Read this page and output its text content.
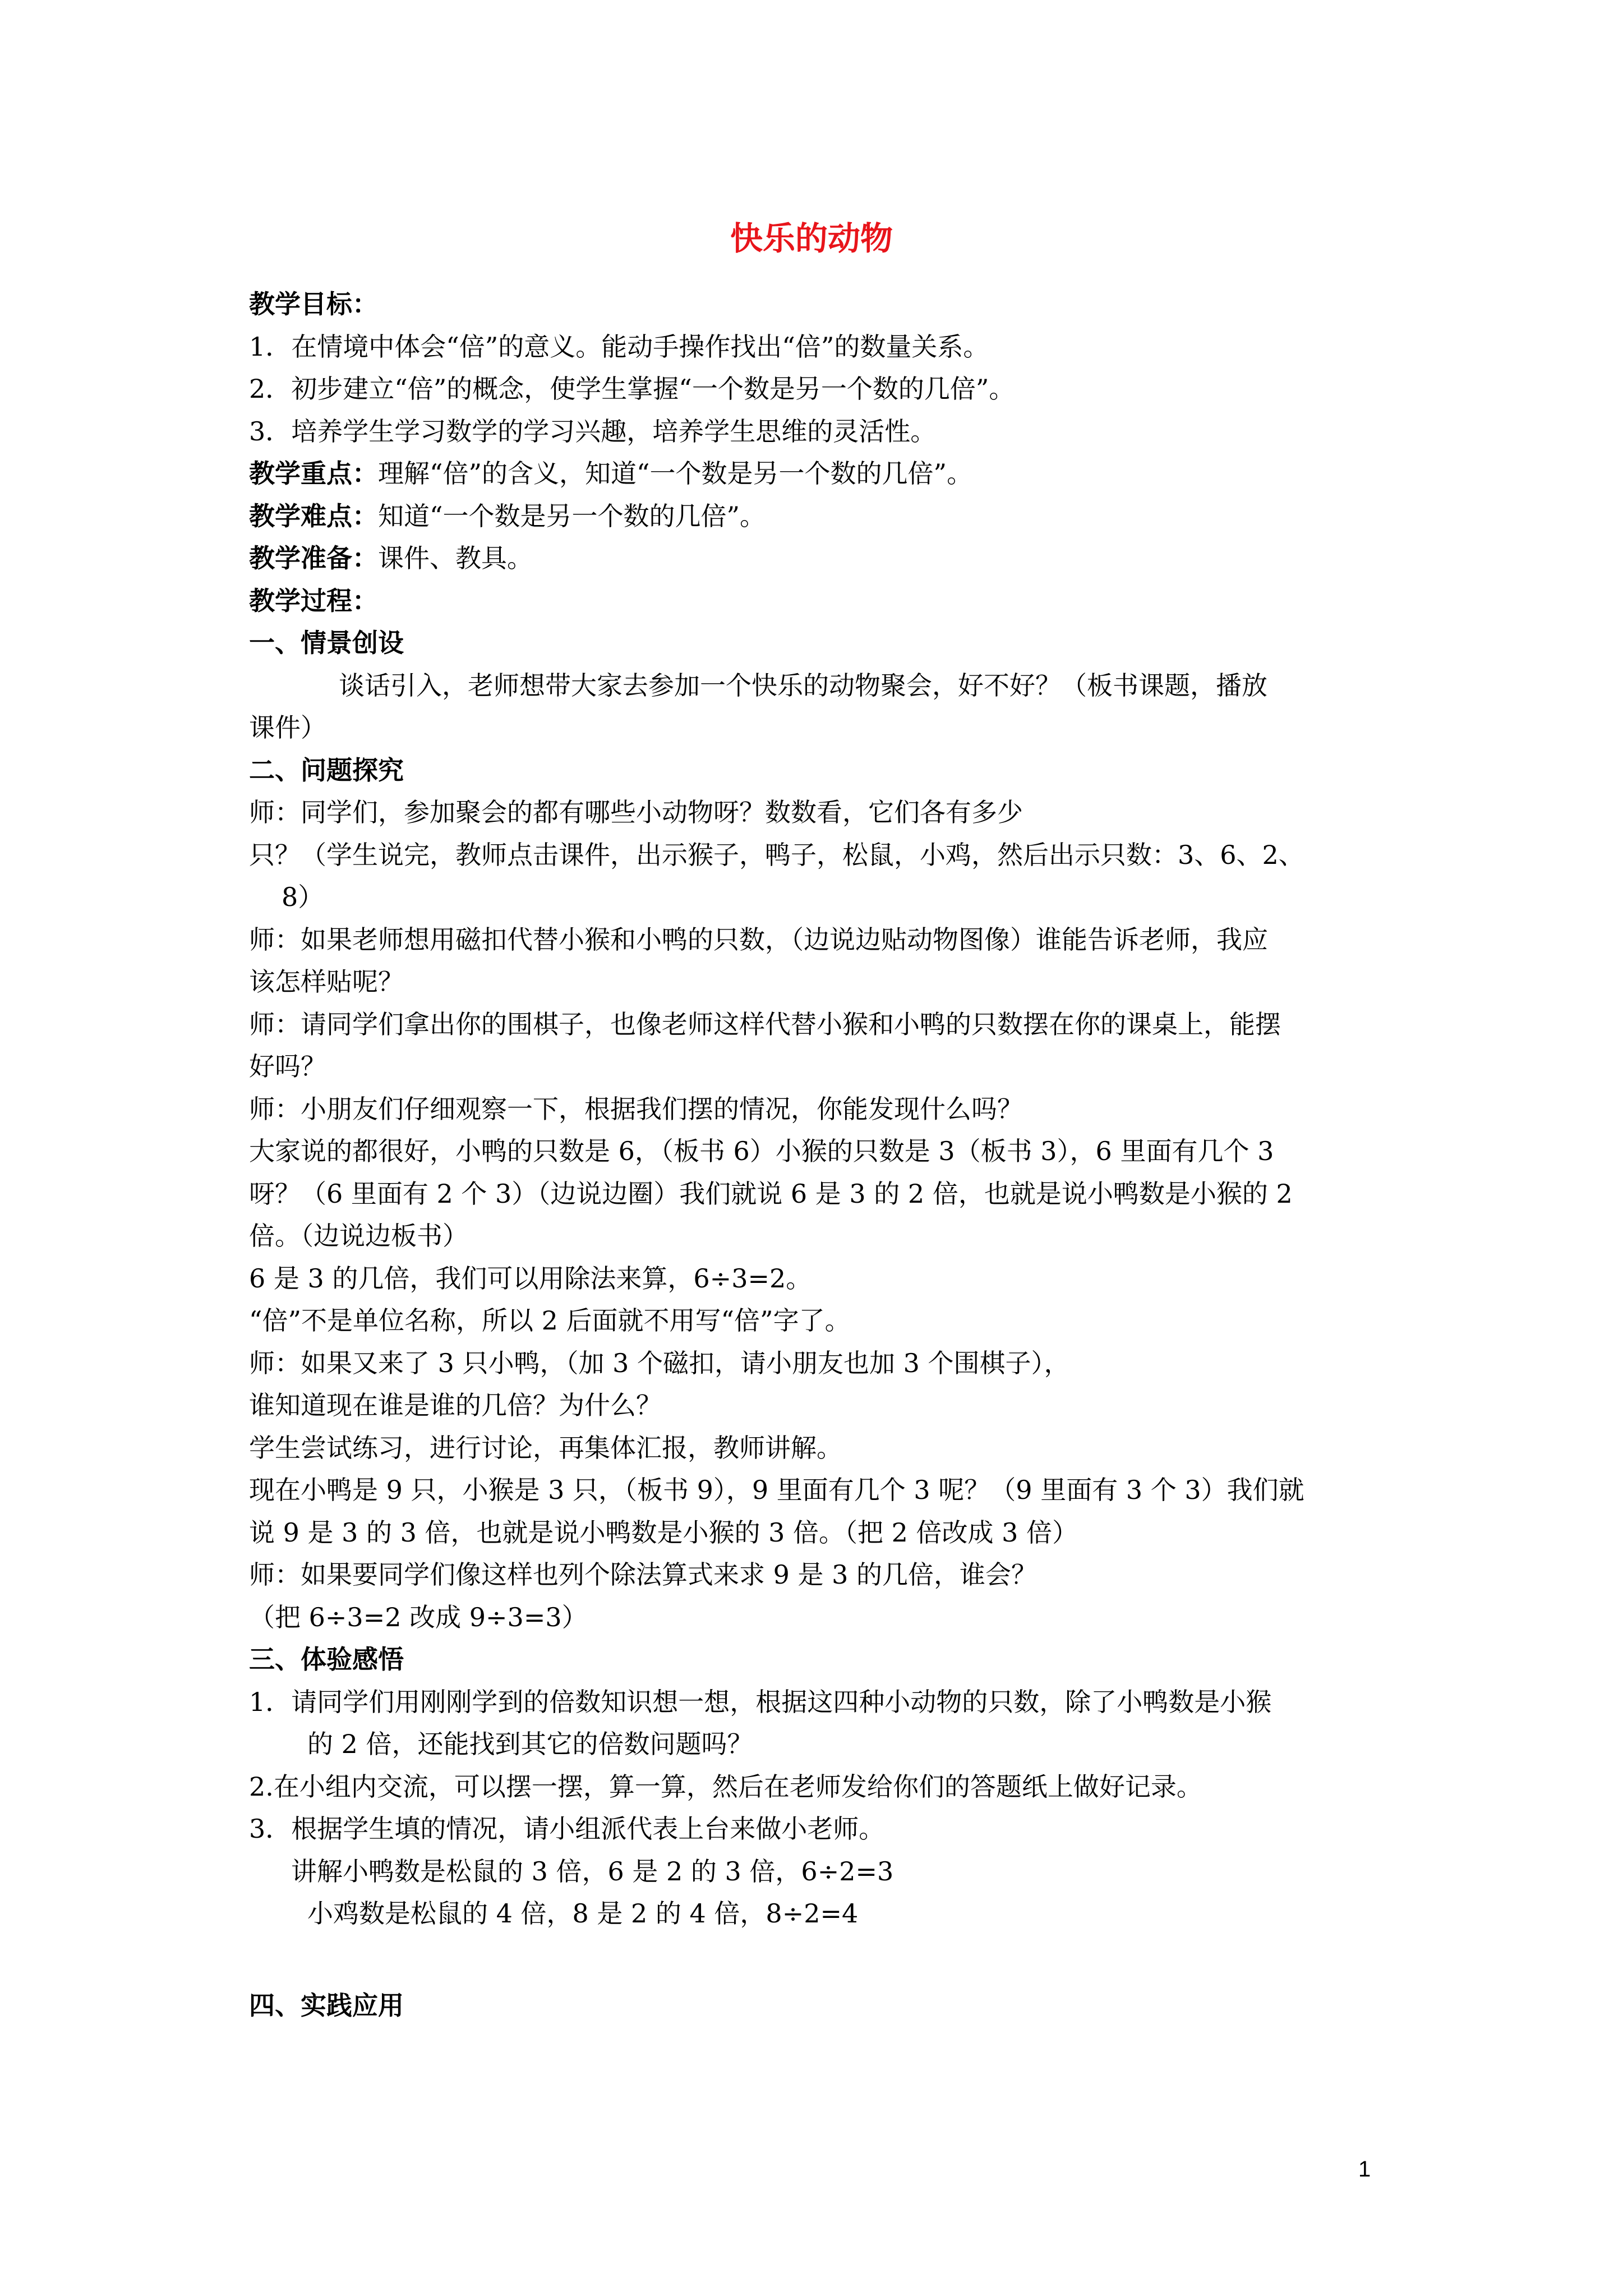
快乐的动物
教学目标：
1．在情境中体会“倍”的意义。能动手操作找出“倍”的数量关系。
2．初步建立“倍”的概念，使学生掌握“一个数是另一个数的几倍”。
3．培养学生学习数学的学习兴趣，培养学生思维的灵活性。
教学重点：理解“倍”的含义，知道“一个数是另一个数的几倍”。
教学难点：知道“一个数是另一个数的几倍”。
教学准备：课件、教具。
教学过程：
一、情景创设
谈话引入，老师想带大家去参加一个快乐的动物聚会，好不好？（板书课题，播放
课件）
二、问题探究
师：同学们，参加聚会的都有哪些小动物呀？数数看，它们各有多少
只？（学生说完，教师点击课件，出示猴子，鸭子，松鼠，小鸡，然后出示只数：3、6、2、
8）
师：如果老师想用磁扣代替小猴和小鸭的只数，（边说边贴动物图像）谁能告诉老师，我应
该怎样贴呢？
师：请同学们拿出你的围棋子，也像老师这样代替小猴和小鸭的只数摆在你的课桌上，能摆
好吗？
师：小朋友们仔细观察一下，根据我们摆的情况，你能发现什么吗？
大家说的都很好，小鸭的只数是 6，（板书 6）小猴的只数是 3（板书 3），6 里面有几个 3
呀？（6 里面有 2 个 3）（边说边圈）我们就说 6 是 3 的 2 倍，也就是说小鸭数是小猴的 2
倍。（边说边板书）
6 是 3 的几倍，我们可以用除法来算，6÷3=2。
“倍”不是单位名称，所以 2 后面就不用写“倍”字了。
师：如果又来了 3 只小鸭，（加 3 个磁扣，请小朋友也加 3 个围棋子），
谁知道现在谁是谁的几倍？为什么？
学生尝试练习，进行讨论，再集体汇报，教师讲解。
现在小鸭是 9 只，小猴是 3 只，（板书 9），9 里面有几个 3 呢？（9 里面有 3 个 3）我们就
说 9 是 3 的 3 倍，也就是说小鸭数是小猴的 3 倍。（把 2 倍改成 3 倍）
师：如果要同学们像这样也列个除法算式来求 9 是 3 的几倍，谁会？
（把 6÷3=2 改成 9÷3=3）
三、体验感悟
1．请同学们用刚刚学到的倍数知识想一想，根据这四种小动物的只数，除了小鸭数是小猴
的 2 倍，还能找到其它的倍数问题吗？
2.在小组内交流，可以摆一摆，算一算，然后在老师发给你们的答题纸上做好记录。
3．根据学生填的情况，请小组派代表上台来做小老师。
讲解小鸭数是松鼠的 3 倍，6 是 2 的 3 倍，6÷2=3
小鸡数是松鼠的 4 倍，8 是 2 的 4 倍，8÷2=4
四、实践应用
1
